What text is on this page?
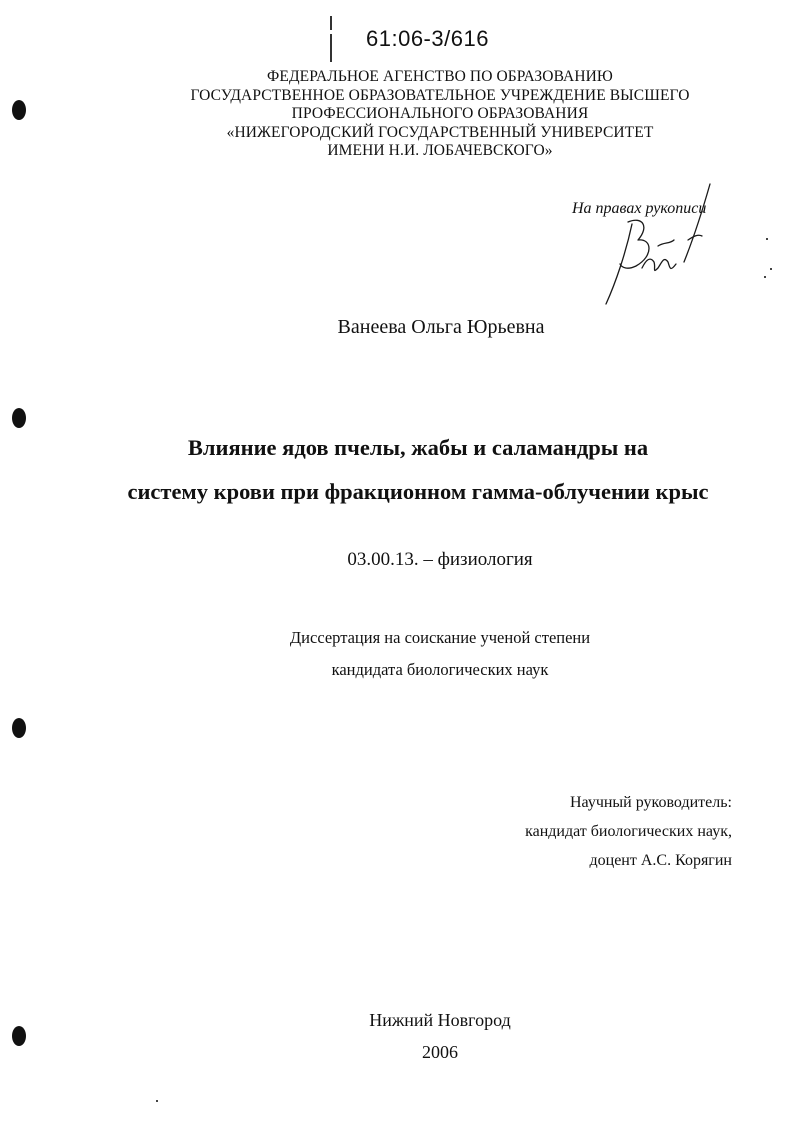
61:06-3/616
ФЕДЕРАЛЬНОЕ АГЕНСТВО ПО ОБРАЗОВАНИЮ
ГОСУДАРСТВЕННОЕ ОБРАЗОВАТЕЛЬНОЕ УЧРЕЖДЕНИЕ ВЫСШЕГО
ПРОФЕССИОНАЛЬНОГО ОБРАЗОВАНИЯ
«НИЖЕГОРОДСКИЙ ГОСУДАРСТВЕННЫЙ УНИВЕРСИТЕТ
ИМЕНИ Н.И. ЛОБАЧЕВСКОГО»
На правах рукописи
Ванеева Ольга Юрьевна
Влияние ядов пчелы, жабы и саламандры на
систему крови при фракционном гамма-облучении крыс
03.00.13. – физиология
Диссертация на соискание ученой степени
кандидата биологических наук
Научный руководитель:
кандидат биологических наук,
доцент А.С. Корягин
Нижний Новгород
2006
